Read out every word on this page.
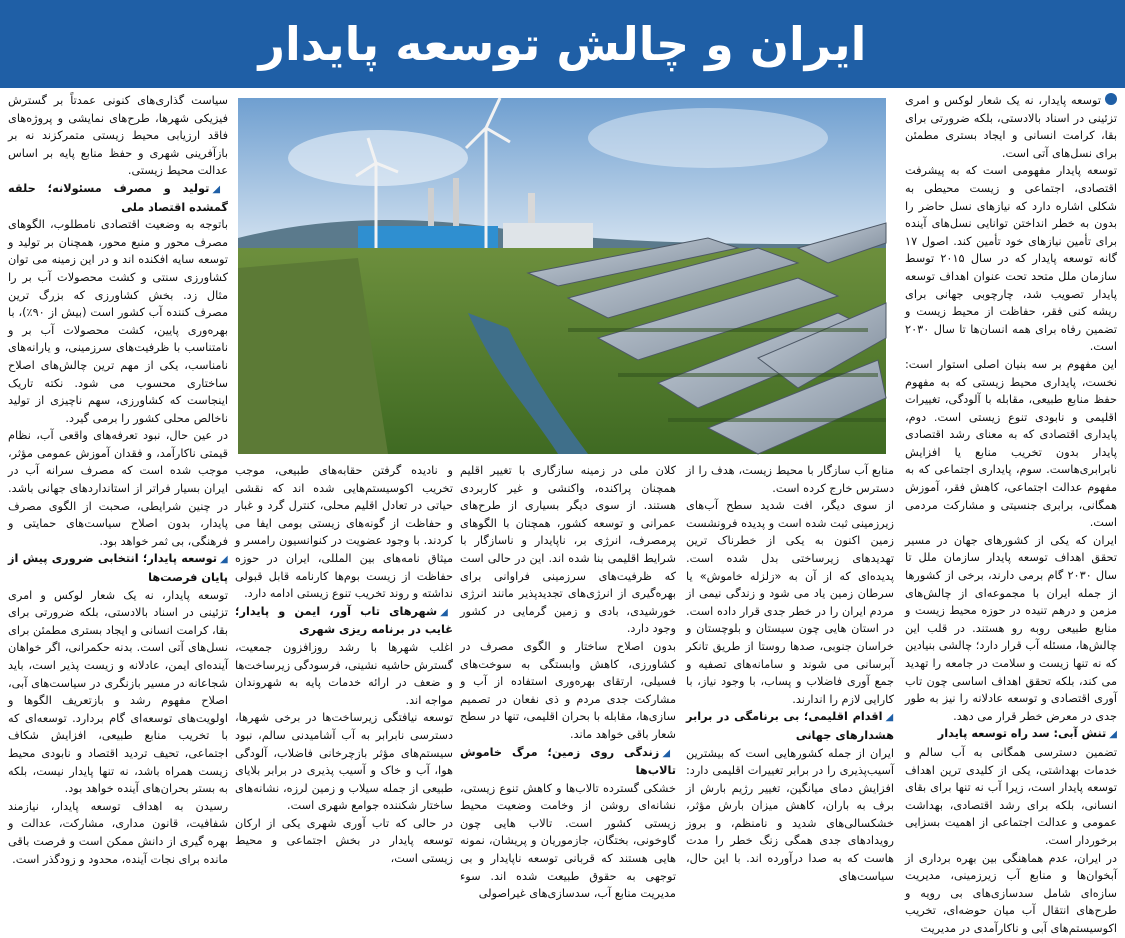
ایران و چالش توسعه پایدار

توسعه پایدار، نه یک شعار لوکس و امری تزئینی در اسناد بالادستی، بلکه ضرورتی برای بقا، کرامت انسانی و ایجاد بستری مطمئن برای نسل‌های آتی است.

توسعه پایدار مفهومی است که به پیشرفت اقتصادی، اجتماعی و زیست محیطی به شکلی اشاره دارد که نیازهای نسل حاضر را بدون به خطر انداختن توانایی نسل‌های آینده برای تأمین نیازهای خود تأمین کند. اصول ۱۷ گانه توسعه پایدار که در سال ۲۰۱۵ توسط سازمان ملل متحد تحت عنوان اهداف توسعه پایدار تصویب شد، چارچوبی جهانی برای ریشه کنی فقر، حفاظت از محیط زیست و تضمین رفاه برای همه انسان‌ها تا سال ۲۰۳۰ است.

این مفهوم بر سه بنیان اصلی استوار است: نخست، پایداری محیط زیستی که به مفهوم حفظ منابع طبیعی، مقابله با آلودگی، تغییرات اقلیمی و نابودی تنوع زیستی است. دوم، پایداری اقتصادی که به معنای رشد اقتصادی پایدار بدون تخریب منابع یا افزایش نابرابری‌هاست. سوم، پایداری اجتماعی که به مفهوم عدالت اجتماعی، کاهش فقر، آموزش همگانی، برابری جنسیتی و مشارکت مردمی است.

ایران که یکی از کشورهای جهان در مسیر تحقق اهداف توسعه پایدار سازمان ملل تا سال ۲۰۳۰ گام برمی دارند، برخی از کشورها از جمله ایران با مجموعه‌ای از چالش‌های مزمن و درهم تنیده در حوزه محیط زیست و منابع طبیعی روبه رو هستند. در قلب این چالش‌ها، مسئله آب قرار دارد؛ چالشی بنیادین که نه تنها زیست و سلامت در جامعه را تهدید می کند، بلکه تحقق اهداف اساسی چون تاب آوری اقتصادی و توسعه عادلانه را نیز به طور جدی در معرض خطر قرار می دهد.

◢تنش آبی: سد راه توسعه پایدار

تضمین دسترسی همگانی به آب سالم و خدمات بهداشتی، یکی از کلیدی ترین اهداف توسعه پایدار است، زیرا آب نه تنها برای بقای انسانی، بلکه برای رشد اقتصادی، بهداشت عمومی و عدالت اجتماعی از اهمیت بسزایی برخوردار است.

در ایران، عدم هماهنگی بین بهره برداری از آبخوان‌ها و منابع آب زیرزمینی، مدیریت سازه‌ای شامل سدسازی‌های بی رویه و طرح‌های انتقال آب میان حوضه‌ای، تخریب اکوسیستم‌های آبی و ناکارآمدی در مدیریت

منابع آب سازگار با محیط زیست، هدف را از دسترس خارج کرده است.

از سوی دیگر، افت شدید سطح آب‌های زیرزمینی ثبت شده است و پدیده فرونشست زمین اکنون به یکی از خطرناک ترین تهدیدهای زیرساختی بدل شده است. پدیده‌ای که از آن به «زلزله خاموش» یا سرطان زمین یاد می شود و زندگی نیمی از مردم ایران را در خطر جدی قرار داده است. در استان هایی چون سیستان و بلوچستان و خراسان جنوبی، صدها روستا از طریق تانکر آبرسانی می شوند و سامانه‌های تصفیه و جمع آوری فاضلاب و پساب، با وجود نیاز، با کارایی لازم را اندارند.

◢اقدام اقلیمی؛ بی برنامگی در برابر هشدارهای جهانی

ایران از جمله کشورهایی است که بیشترین آسیب‌پذیری را در برابر تغییرات اقلیمی دارد: افزایش دمای میانگین، تغییر رژیم بارش از برف به باران، کاهش میزان بارش مؤثر، خشکسالی‌های شدید و نامنظم، و بروز رویدادهای جدی همگی زنگ خطر را مدت هاست که به صدا درآورده اند. با این حال، سیاست‌های

کلان ملی در زمینه سازگاری با تغییر اقلیم همچنان پراکنده، واکنشی و غیر کاربردی هستند. از سوی دیگر بسیاری از طرح‌های عمرانی و توسعه کشور، همچنان با الگوهای پرمصرف، انرژی بر، ناپایدار و ناسازگار با شرایط اقلیمی بنا شده اند. این در حالی است که ظرفیت‌های سرزمینی فراوانی برای بهره‌گیری از انرژی‌های تجدیدپذیر مانند انرژی خورشیدی، بادی و زمین گرمایی در کشور وجود دارد.

بدون اصلاح ساختار و الگوی مصرف در کشاورزی، کاهش وابستگی به سوخت‌های فسیلی، ارتقای بهره‌وری استفاده از آب و مشارکت جدی مردم و ذی نفعان در تصمیم سازی‌ها، مقابله با بحران اقلیمی، تنها در سطح شعار باقی خواهد ماند.

◢زندگی روی زمین؛ مرگ خاموش تالاب‌ها

خشکی گسترده تالاب‌ها و کاهش تنوع زیستی، نشانه‌ای روشن از وخامت وضعیت محیط زیستی کشور است. تالاب هایی چون گاوخونی، بختگان، جازموریان و پریشان، نمونه هایی هستند که قربانی توسعه ناپایدار و بی توجهی به حقوق طبیعت شده اند. سوء مدیریت منابع آب، سدسازی‌های غیراصولی

و نادیده گرفتن حقابه‌های طبیعی، موجب تخریب اکوسیستم‌هایی شده اند که نقشی حیاتی در تعادل اقلیم محلی، کنترل گرد و غبار و حفاظت از گونه‌های زیستی بومی ایفا می کردند. با وجود عضویت در کنوانسیون رامسر و میثاق نامه‌های بین المللی، ایران در حوزه حفاظت از زیست بوم‌ها کارنامه قابل قبولی نداشته و روند تخریب تنوع زیستی ادامه دارد.

◢شهرهای تاب آور، ایمن و پایدار؛ غایب در برنامه ریزی شهری

اغلب شهرها با رشد روزافزون جمعیت، گسترش حاشیه نشینی، فرسودگی زیرساخت‌ها و ضعف در ارائه خدمات پایه به شهروندان مواجه اند.

توسعه نیافتگی زیرساخت‌ها در برخی شهرها، دسترسی نابرابر به آب آشامیدنی سالم، نبود سیستم‌های مؤثر بازچرخانی فاضلاب، آلودگی هوا، آب و خاک و آسیب پذیری در برابر بلایای طبیعی از جمله سیلاب و زمین لرزه، نشانه‌های ساختار شکننده جوامع شهری است.

در حالی که تاب آوری شهری یکی از ارکان توسعه پایدار در بخش اجتماعی و محیط زیستی است،

سیاست گذاری‌های کنونی عمدتاً بر گسترش فیزیکی شهرها، طرح‌های نمایشی و پروژه‌های فاقد ارزیابی محیط زیستی متمرکزند نه بر بازآفرینی شهری و حفظ منابع پایه بر اساس عدالت محیط زیستی.

◢تولید و مصرف مسئولانه؛ حلقه گمشده اقتصاد ملی

باتوجه به وضعیت اقتصادی نامطلوب، الگوهای مصرف محور و منبع محور، همچنان بر تولید و توسعه سایه افکنده اند و در این زمینه می توان کشاورزی سنتی و کشت محصولات آب بر را مثال زد. بخش کشاورزی که بزرگ ترین مصرف کننده آب کشور است (بیش از ۹۰٪)، با بهره‌وری پایین، کشت محصولات آب بر و نامتناسب با ظرفیت‌های سرزمینی، و یارانه‌های نامناسب، یکی از مهم ترین چالش‌های اصلاح ساختاری محسوب می شود. نکته تاریک اینجاست که کشاورزی، سهم ناچیزی از تولید ناخالص محلی کشور را برمی گیرد.

در عین حال، نبود تعرفه‌های واقعی آب، نظام قیمتی ناکارآمد، و فقدان آموزش عمومی مؤثر، موجب شده است که مصرف سرانه آب در ایران بسیار فراتر از استانداردهای جهانی باشد. در چنین شرایطی، صحبت از الگوی مصرف پایدار، بدون اصلاح سیاست‌های حمایتی و فرهنگی، بی ثمر خواهد بود.

◢توسعه پایدار؛ انتخابی ضروری پیش از پایان فرصت‌ها

توسعه پایدار، نه یک شعار لوکس و امری تزئینی در اسناد بالادستی، بلکه ضرورتی برای بقا، کرامت انسانی و ایجاد بستری مطمئن برای نسل‌های آتی است. بدنه حکمرانی، اگر خواهان آینده‌ای ایمن، عادلانه و زیست پذیر است، باید شجاعانه در مسیر بازنگری در سیاست‌های آبی، اصلاح مفهوم رشد و بازتعریف الگوها و اولویت‌های توسعه‌ای گام بردارد. توسعه‌ای که با تخریب منابع طبیعی، افزایش شکاف اجتماعی، تحیف تردید اقتصاد و نابودی محیط زیست همراه باشد، نه تنها پایدار نیست، بلکه به بستر بحران‌های آینده خواهد بود.

رسیدن به اهداف توسعه پایدار، نیازمند شفافیت، قانون مداری، مشارکت، عدالت و بهره گیری از دانش ممکن است و فرصت باقی مانده برای نجات آینده، محدود و زودگذر است.
